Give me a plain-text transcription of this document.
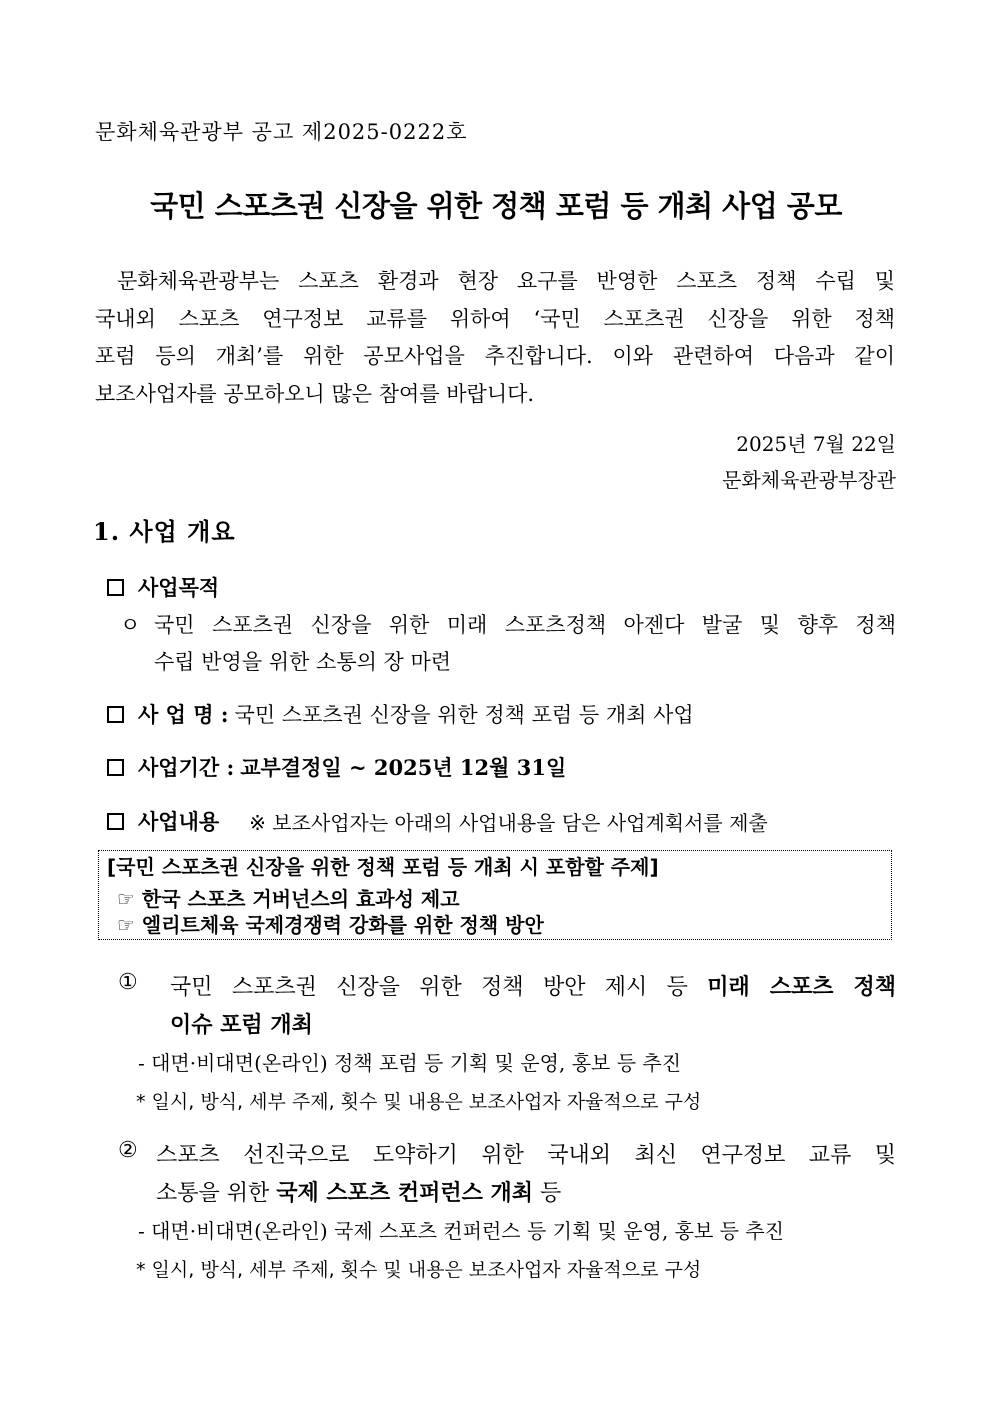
문화체육관광부 공고 제2025-0222호
국민 스포츠권 신장을 위한 정책 포럼 등 개최 사업 공모
문화체육관광부는 스포츠 환경과 현장 요구를 반영한 스포츠 정책 수립 및
국내외 스포츠 연구정보 교류를 위하여 ‘국민 스포츠권 신장을 위한 정책
포럼 등의 개최’를 위한 공모사업을 추진합니다. 이와 관련하여 다음과 같이
보조사업자를 공모하오니 많은 참여를 바랍니다.
2025년 7월 22일
문화체육관광부장관
1. 사업 개요
사업목적
ㅇ 국민 스포츠권 신장을 위한 미래 스포츠정책 아젠다 발굴 및 향후 정책
수립 반영을 위한 소통의 장 마련
사 업 명 : 국민 스포츠권 신장을 위한 정책 포럼 등 개최 사업
사업기간 : 교부결정일 ~ 2025년 12월 31일
사업내용 ※ 보조사업자는 아래의 사업내용을 담은 사업계획서를 제출
[국민 스포츠권 신장을 위한 정책 포럼 등 개최 시 포함할 주제]
☞ 한국 스포츠 거버넌스의 효과성 제고
☞ 엘리트체육 국제경쟁력 강화를 위한 정책 방안
① 국민 스포츠권 신장을 위한 정책 방안 제시 등 미래 스포츠 정책
이슈 포럼 개최
- 대면·비대면(온라인) 정책 포럼 등 기획 및 운영, 홍보 등 추진
* 일시, 방식, 세부 주제, 횟수 및 내용은 보조사업자 자율적으로 구성
② 스포츠 선진국으로 도약하기 위한 국내외 최신 연구정보 교류 및
소통을 위한 국제 스포츠 컨퍼런스 개최 등
- 대면·비대면(온라인) 국제 스포츠 컨퍼런스 등 기획 및 운영, 홍보 등 추진
* 일시, 방식, 세부 주제, 횟수 및 내용은 보조사업자 자율적으로 구성
